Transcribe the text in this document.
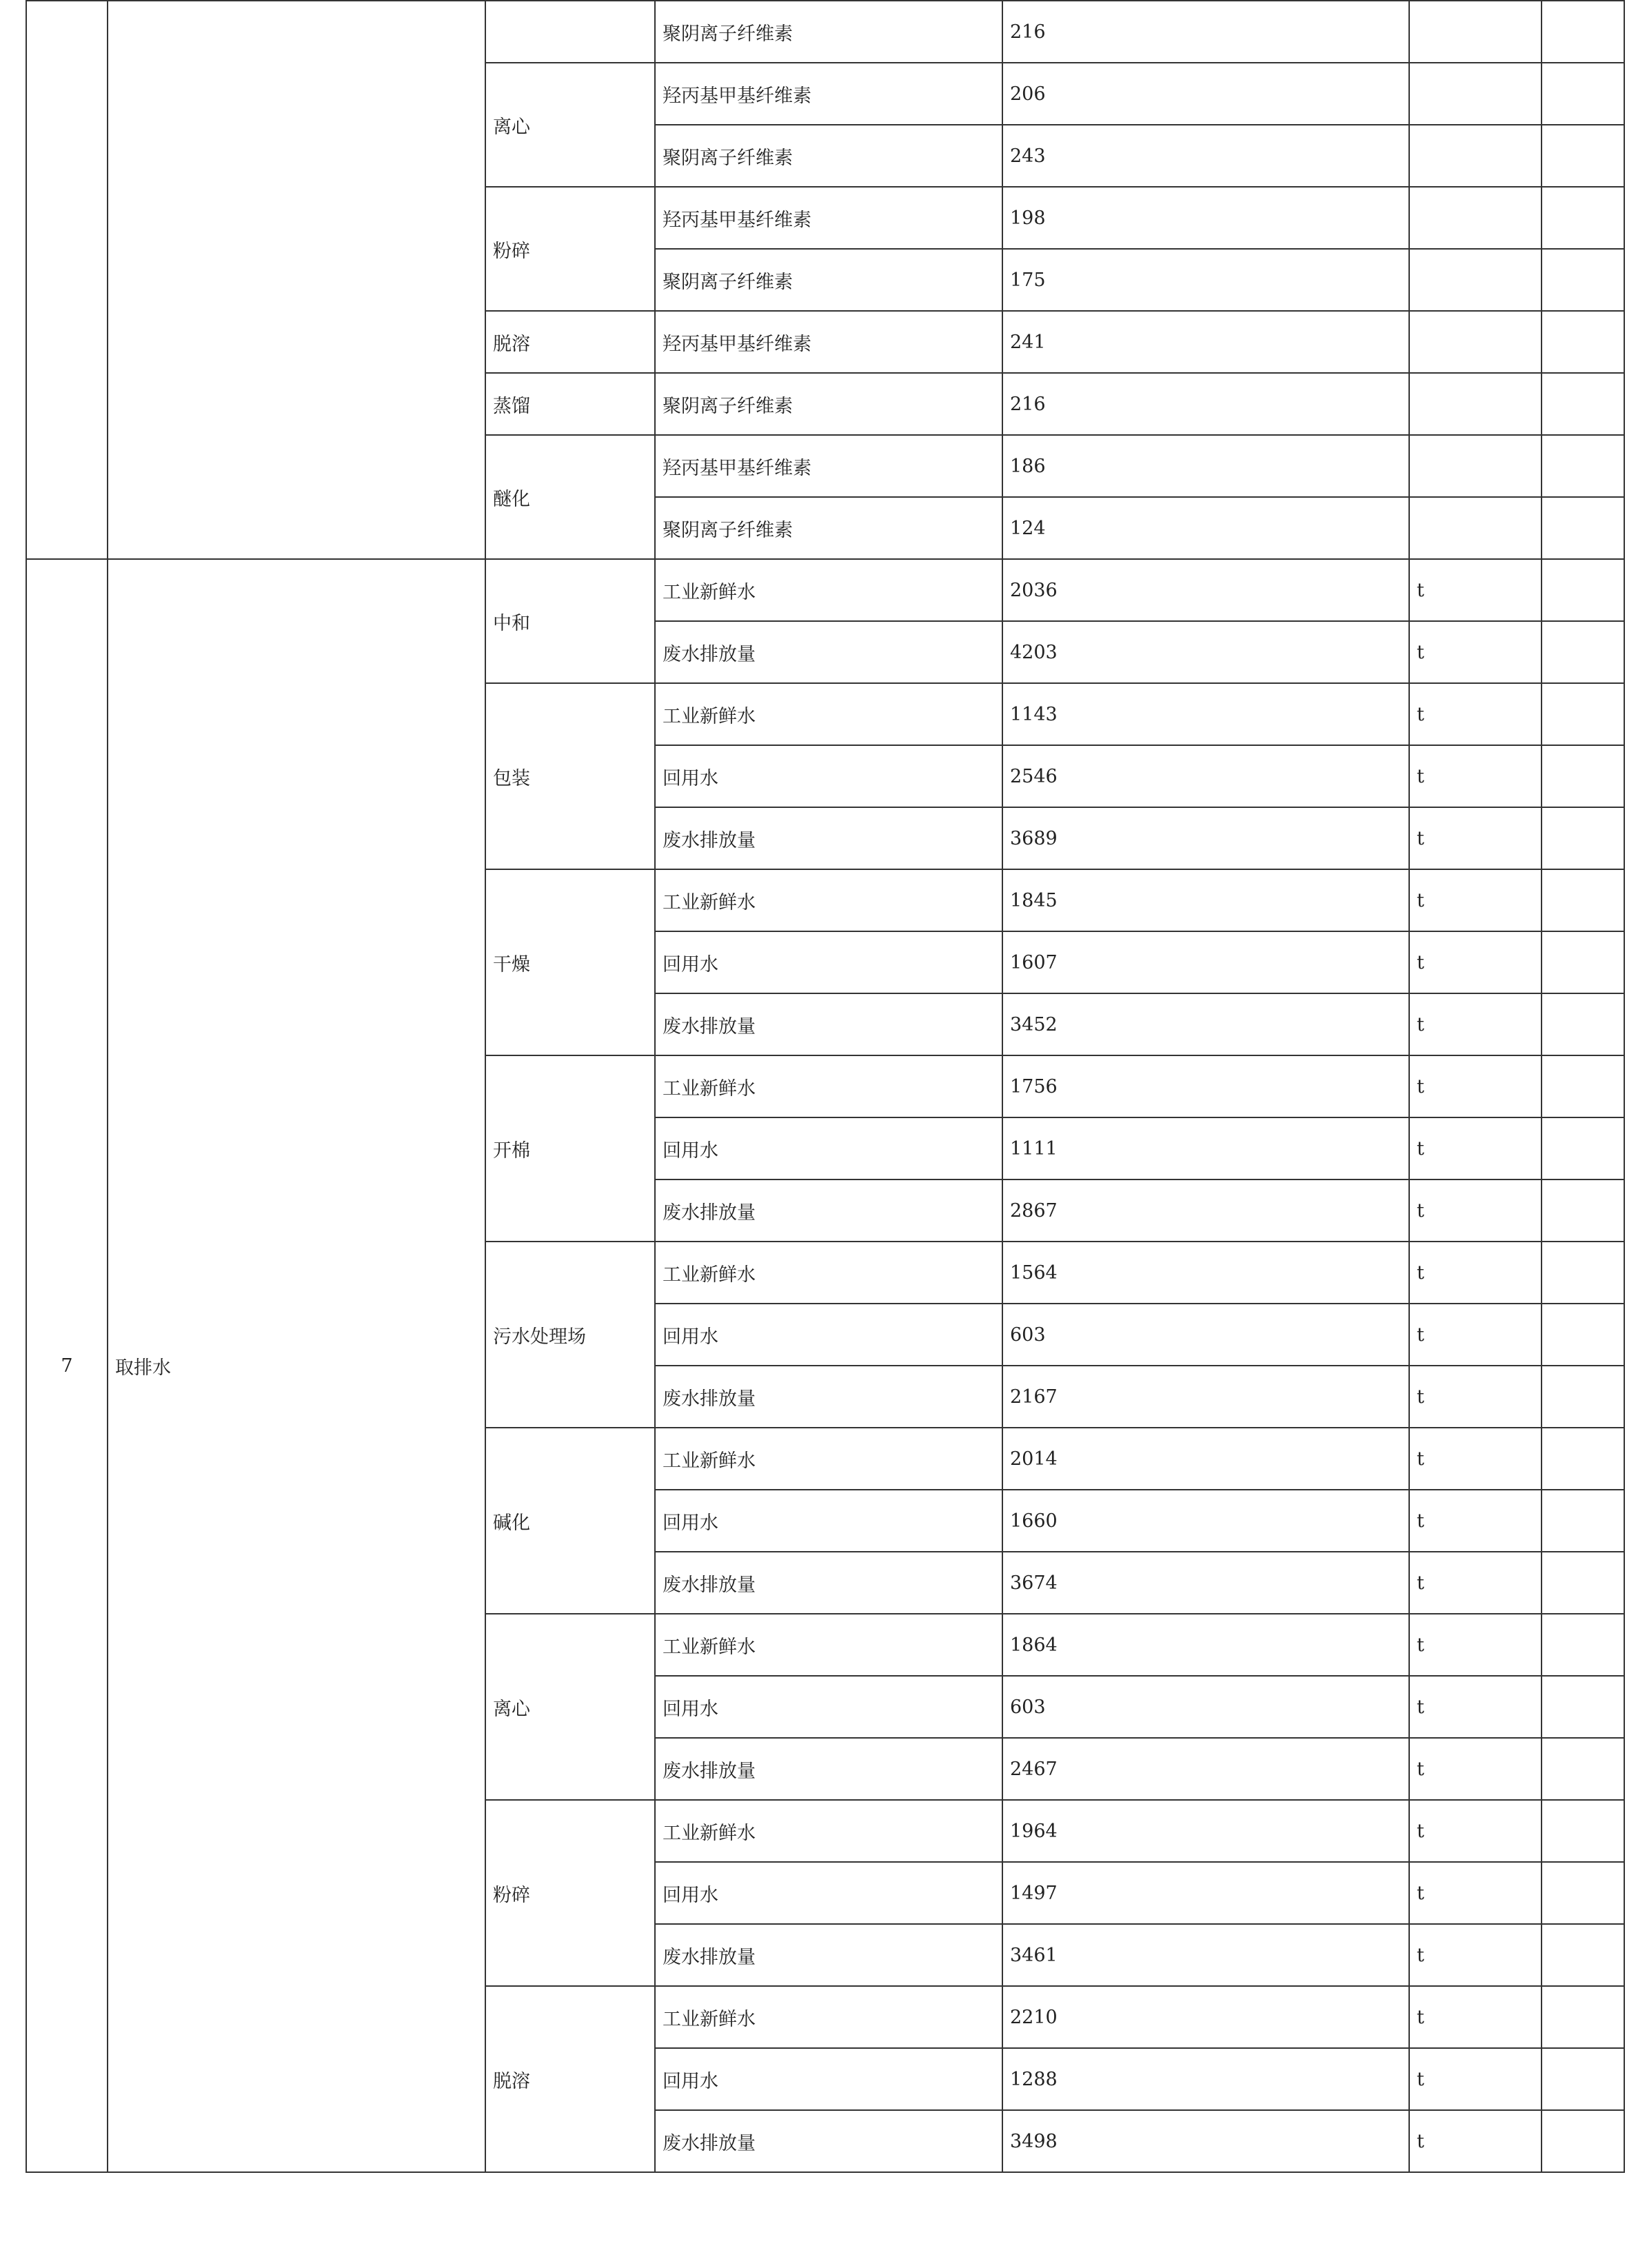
			聚阴离子纤维素	216		
		离心	羟丙基甲基纤维素	206		
			聚阴离子纤维素	243		
		粉碎	羟丙基甲基纤维素	198		
			聚阴离子纤维素	175		
		脱溶	羟丙基甲基纤维素	241		
		蒸馏	聚阴离子纤维素	216		
		醚化	羟丙基甲基纤维素	186		
			聚阴离子纤维素	124		
7	取排水	中和	工业新鲜水	2036	t	
			废水排放量	4203	t	
		包装	工业新鲜水	1143	t	
			回用水	2546	t	
			废水排放量	3689	t	
		干燥	工业新鲜水	1845	t	
			回用水	1607	t	
			废水排放量	3452	t	
		开棉	工业新鲜水	1756	t	
			回用水	1111	t	
			废水排放量	2867	t	
		污水处理场	工业新鲜水	1564	t	
			回用水	603	t	
			废水排放量	2167	t	
		碱化	工业新鲜水	2014	t	
			回用水	1660	t	
			废水排放量	3674	t	
		离心	工业新鲜水	1864	t	
			回用水	603	t	
			废水排放量	2467	t	
		粉碎	工业新鲜水	1964	t	
			回用水	1497	t	
			废水排放量	3461	t	
		脱溶	工业新鲜水	2210	t	
			回用水	1288	t	
			废水排放量	3498	t	
